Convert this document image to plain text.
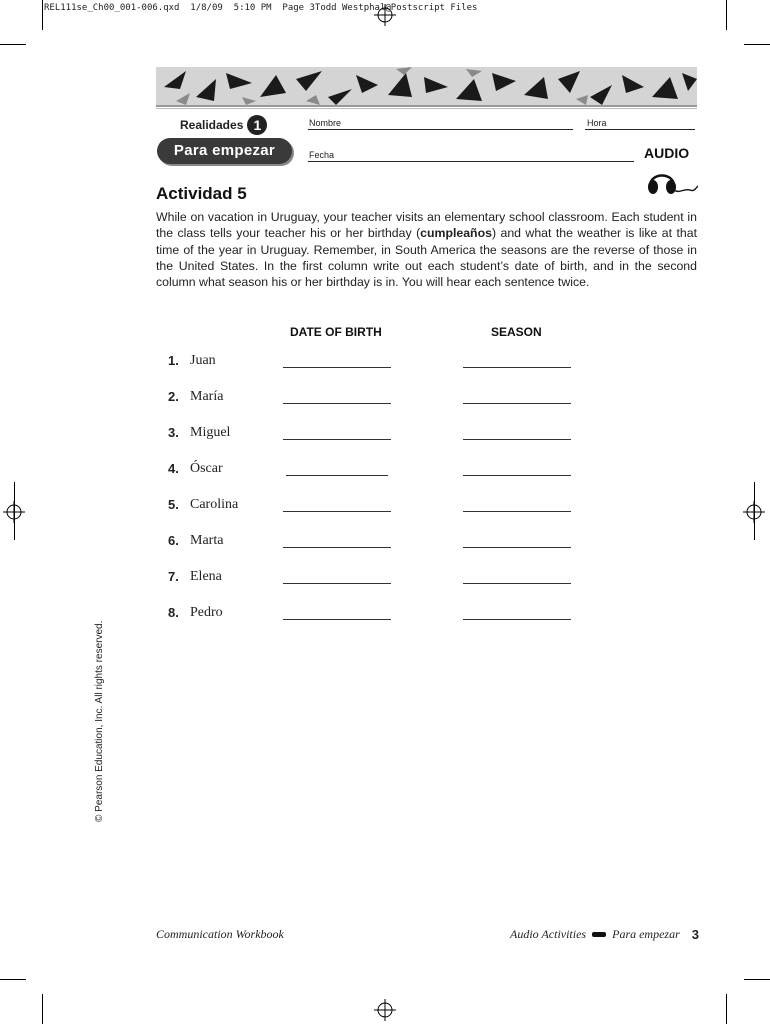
REL111se_Ch00_001-006.qxd  1/8/09  5:10 PM  Page 3Todd Westphal@Postscript Files
Realidades 1	Nombre	Hora
Para empezar	Fecha	AUDIO
Actividad 5
While on vacation in Uruguay, your teacher visits an elementary school classroom. Each student in the class tells your teacher his or her birthday (cumpleaños) and what the weather is like at that time of the year in Uruguay. Remember, in South America the seasons are the reverse of those in the United States. In the first column write out each student’s date of birth, and in the second column what season his or her birthday is in. You will hear each sentence twice.
DATE OF BIRTH	SEASON
1. Juan
2. María
3. Miguel
4. Óscar
5. Carolina
6. Marta
7. Elena
8. Pedro
© Pearson Education, Inc. All rights reserved.
Communication Workbook	Audio Activities Para empezar 3
